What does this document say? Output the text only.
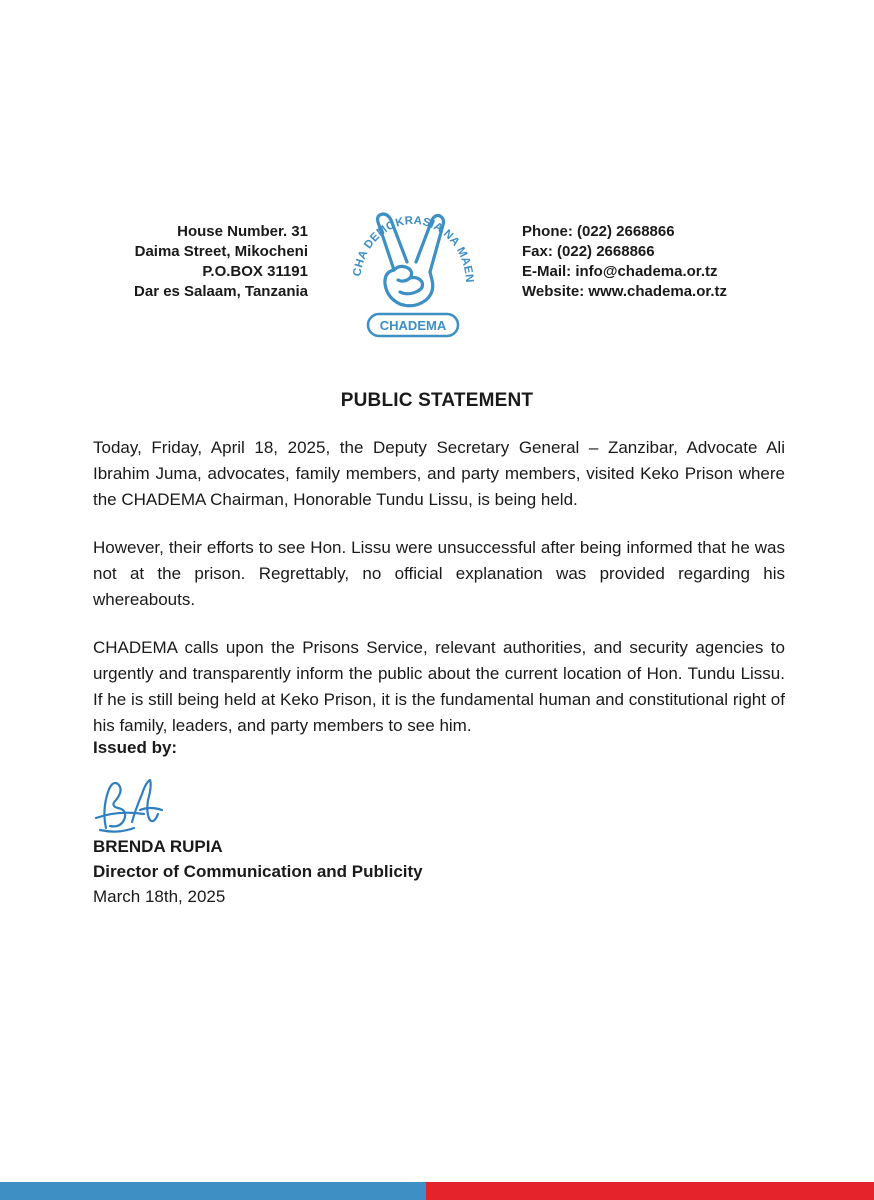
House Number. 31
Daima Street, Mikocheni
P.O.BOX 31191
Dar es Salaam, Tanzania
CHA DEMOKRASIA NA MAEN
CHADEMA
Phone: (022) 2668866
Fax: (022) 2668866
E-Mail: info@chadema.or.tz
Website: www.chadema.or.tz
PUBLIC STATEMENT

Today, Friday, April 18, 2025, the Deputy Secretary General – Zanzibar, Advocate Ali Ibrahim Juma, advocates, family members, and party members, visited Keko Prison where the CHADEMA Chairman, Honorable Tundu Lissu, is being held.

However, their efforts to see Hon. Lissu were unsuccessful after being informed that he was not at the prison. Regrettably, no official explanation was provided regarding his whereabouts.

CHADEMA calls upon the Prisons Service, relevant authorities, and security agencies to urgently and transparently inform the public about the current location of Hon. Tundu Lissu. If he is still being held at Keko Prison, it is the fundamental human and constitutional right of his family, leaders, and party members to see him.

Issued by:
BRENDA RUPIA
Director of Communication and Publicity
March 18th, 2025
